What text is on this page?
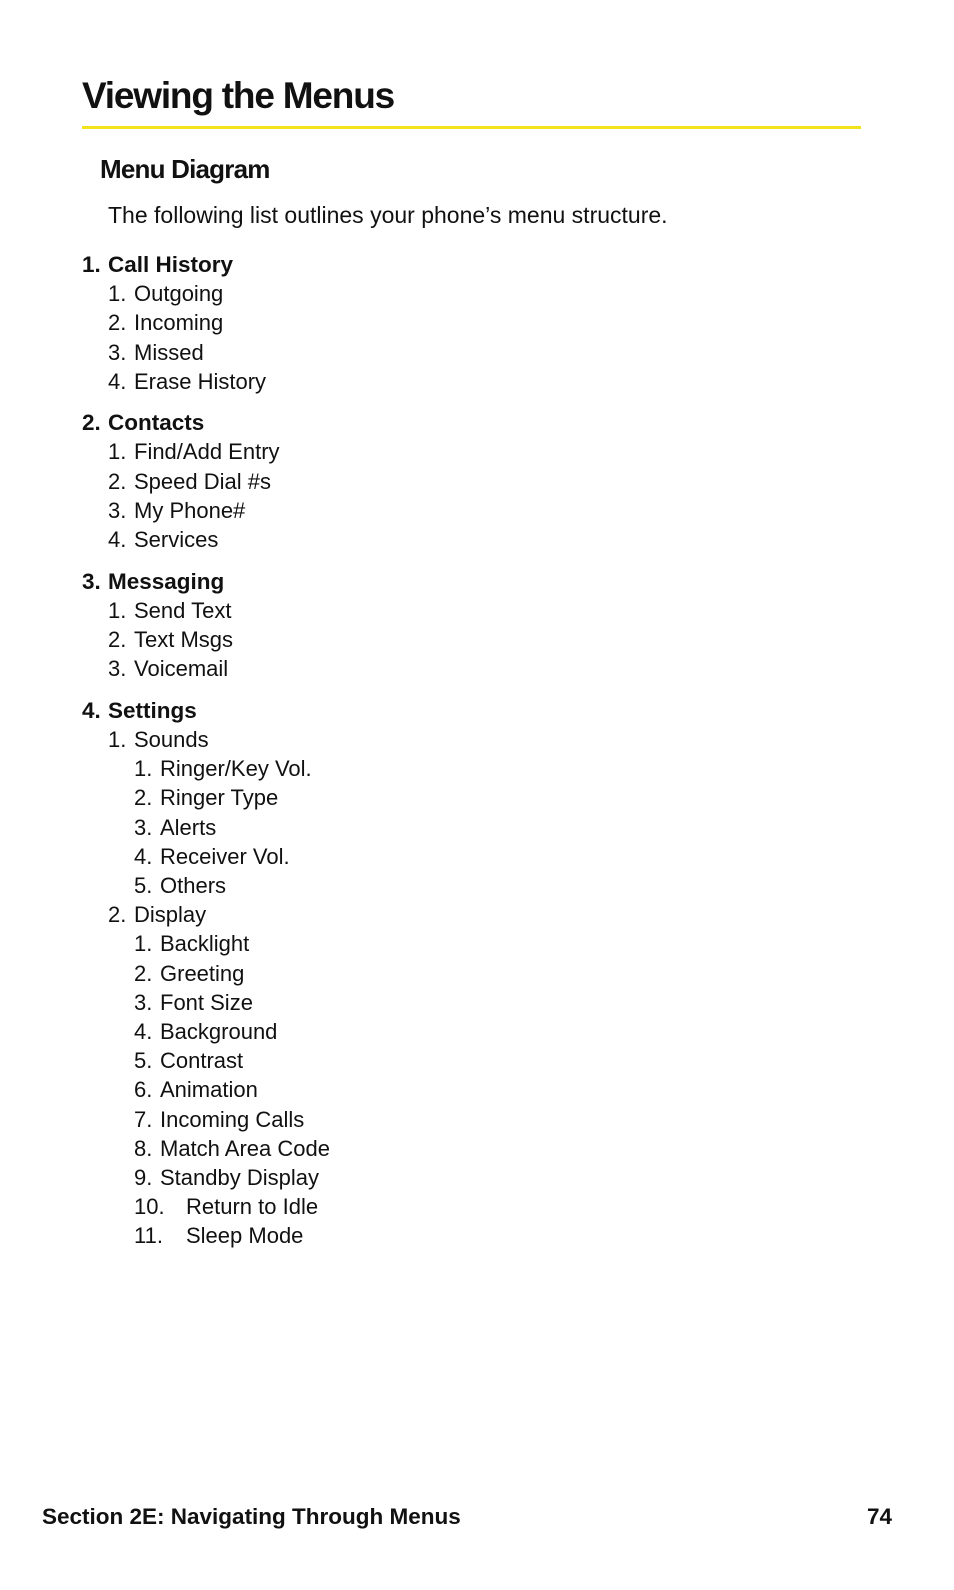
Viewing the Menus
Menu Diagram

The following list outlines your phone’s menu structure.

1. Call History
1. Outgoing
2. Incoming
3. Missed
4. Erase History
2. Contacts
1. Find/Add Entry
2. Speed Dial #s
3. My Phone#
4. Services
3. Messaging
1. Send Text
2. Text Msgs
3. Voicemail
4. Settings
1. Sounds
1. Ringer/Key Vol.
2. Ringer Type
3. Alerts
4. Receiver Vol.
5. Others
2. Display
1. Backlight
2. Greeting
3. Font Size
4. Background
5. Contrast
6. Animation
7. Incoming Calls
8. Match Area Code
9. Standby Display
10. Return to Idle
11. Sleep Mode
Section 2E: Navigating Through Menus	74
